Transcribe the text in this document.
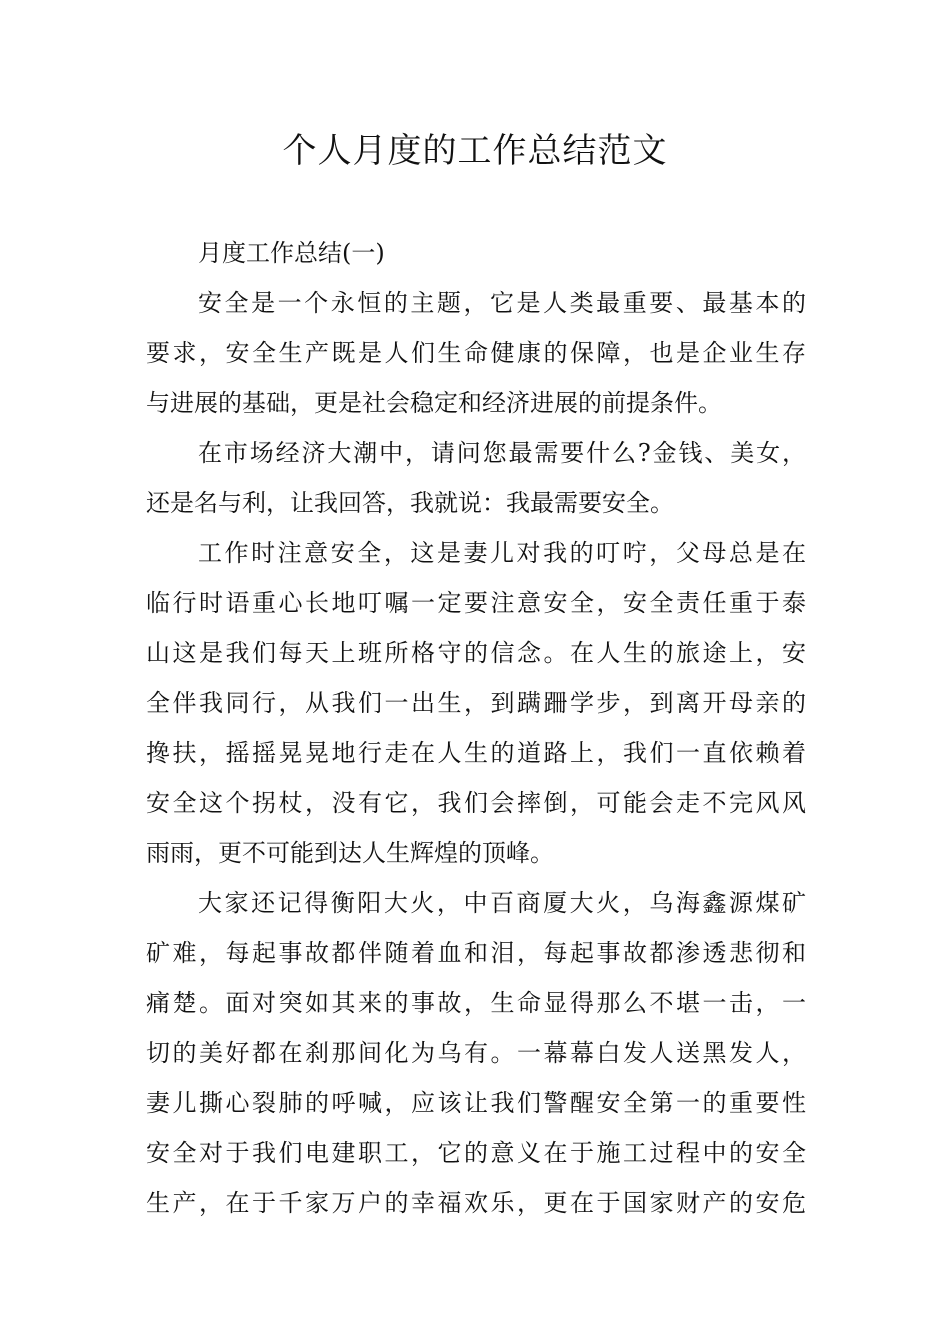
个人月度的工作总结范文
月度工作总结(一)
安全是一个永恒的主题，它是人类最重要、最基本的
要求，安全生产既是人们生命健康的保障，也是企业生存
与进展的基础，更是社会稳定和经济进展的前提条件。
在市场经济大潮中，请问您最需要什么?金钱、美女，
还是名与利，让我回答，我就说：我最需要安全。
工作时注意安全，这是妻儿对我的叮咛，父母总是在
临行时语重心长地叮嘱一定要注意安全，安全责任重于泰
山这是我们每天上班所格守的信念。在人生的旅途上，安
全伴我同行，从我们一出生，到蹒跚学步，到离开母亲的
搀扶，摇摇晃晃地行走在人生的道路上，我们一直依赖着
安全这个拐杖，没有它，我们会摔倒，可能会走不完风风
雨雨，更不可能到达人生辉煌的顶峰。
大家还记得衡阳大火，中百商厦大火，乌海鑫源煤矿
矿难，每起事故都伴随着血和泪，每起事故都渗透悲彻和
痛楚。面对突如其来的事故，生命显得那么不堪一击，一
切的美好都在刹那间化为乌有。一幕幕白发人送黑发人，
妻儿撕心裂肺的呼喊，应该让我们警醒安全第一的重要性
安全对于我们电建职工，它的意义在于施工过程中的安全
生产，在于千家万户的幸福欢乐，更在于国家财产的安危
